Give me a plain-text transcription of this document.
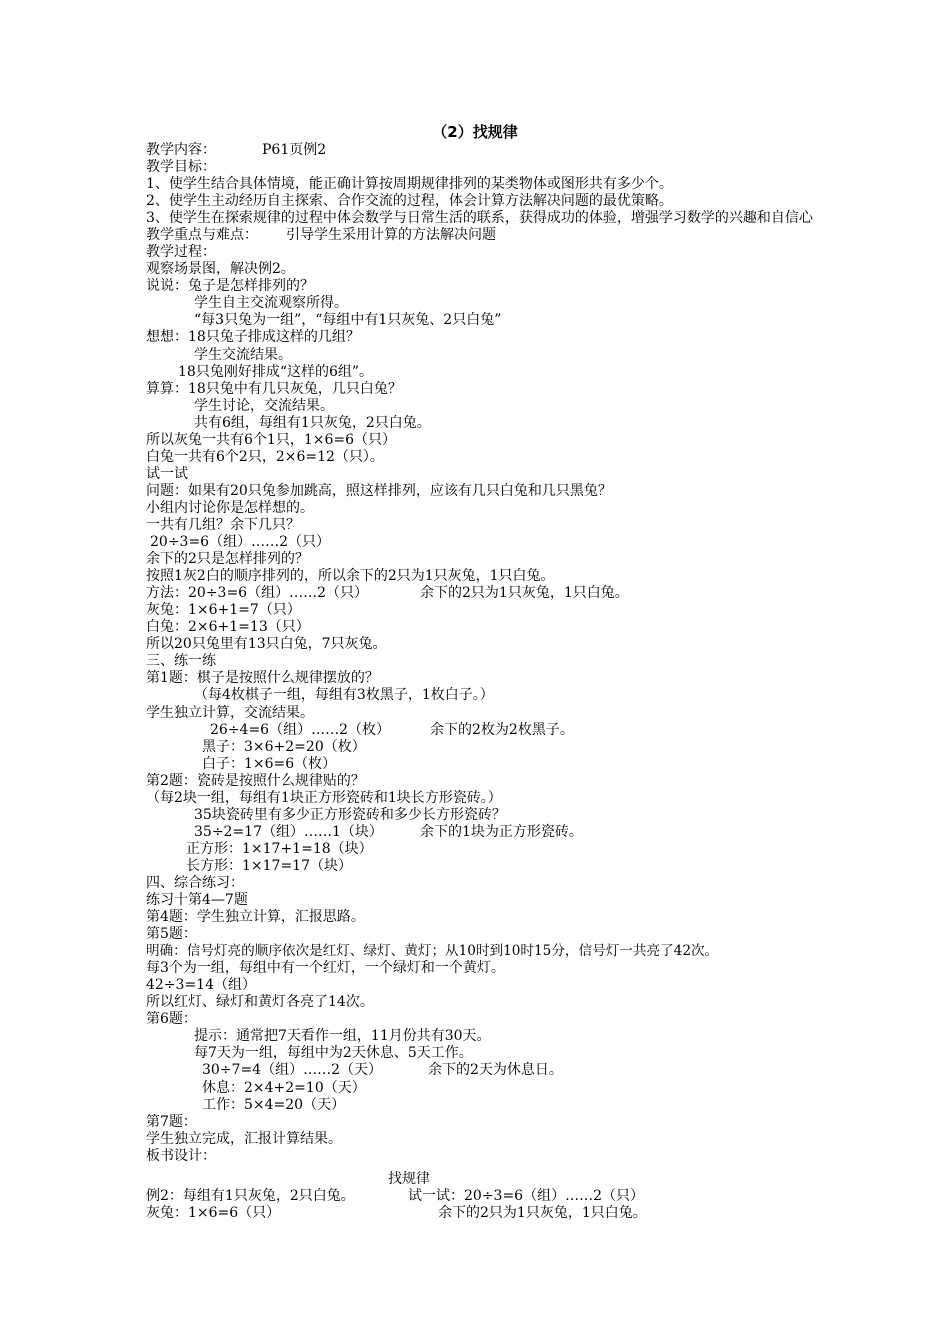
（2）找规律
教学内容：	P61页例2
教学目标：
1、使学生结合具体情境，能正确计算按周期规律排列的某类物体或图形共有多少个。
2、使学生主动经历自主探索、合作交流的过程，体会计算方法解决问题的最优策略。
3、使学生在探索规律的过程中体会数学与日常生活的联系，获得成功的体验，增强学习数学的兴趣和自信心
教学重点与难点： 引导学生采用计算的方法解决问题
教学过程：
观察场景图，解决例2。
说说：兔子是怎样排列的？
学生自主交流观察所得。
“每3只兔为一组”，“每组中有1只灰兔、2只白兔”
想想：18只兔子排成这样的几组？
学生交流结果。
18只兔刚好排成“这样的6组”。
算算：18只兔中有几只灰兔，几只白兔？
学生讨论，交流结果。
共有6组，每组有1只灰兔，2只白兔。
所以灰兔一共有6个1只，1×6=6（只）
白兔一共有6个2只，2×6=12（只）。
试一试
问题：如果有20只兔参加跳高，照这样排列，应该有几只白兔和几只黑兔？
小组内讨论你是怎样想的。
一共有几组？余下几只？
20÷3=6（组）……2（只）
余下的2只是怎样排列的？
按照1灰2白的顺序排列的，所以余下的2只为1只灰兔，1只白兔。
方法：20÷3=6（组）……2（只）	余下的2只为1只灰兔，1只白兔。
灰兔：1×6+1=7（只）
白兔：2×6+1=13（只）
所以20只兔里有13只白兔，7只灰兔。
三、练一练
第1题：棋子是按照什么规律摆放的？
（每4枚棋子一组，每组有3枚黑子，1枚白子。）
学生独立计算，交流结果。
26÷4=6（组）……2（枚）	余下的2枚为2枚黑子。
黑子：3×6+2=20（枚）
白子：1×6=6（枚）
第2题：瓷砖是按照什么规律贴的？
（每2块一组，每组有1块正方形瓷砖和1块长方形瓷砖。）
35块瓷砖里有多少正方形瓷砖和多少长方形瓷砖？
35÷2=17（组）……1（块）	余下的1块为正方形瓷砖。
正方形：1×17+1=18（块）
长方形：1×17=17（块）
四、综合练习：
练习十第4—7题
第4题：学生独立计算，汇报思路。
第5题：
明确：信号灯亮的顺序依次是红灯、绿灯、黄灯；从10时到10时15分，信号灯一共亮了42次。
每3个为一组，每组中有一个红灯，一个绿灯和一个黄灯。
42÷3=14（组）
所以红灯、绿灯和黄灯各亮了14次。
第6题：
提示：通常把7天看作一组，11月份共有30天。
每7天为一组，每组中为2天休息、5天工作。
30÷7=4（组）……2（天）	余下的2天为休息日。
休息：2×4+2=10（天）
工作：5×4=20（天）
第7题：
学生独立完成，汇报计算结果。
板书设计：
找规律
例2：每组有1只灰兔，2只白兔。	试一试：20÷3=6（组）……2（只）
灰兔：1×6=6（只）	余下的2只为1只灰兔，1只白兔。
